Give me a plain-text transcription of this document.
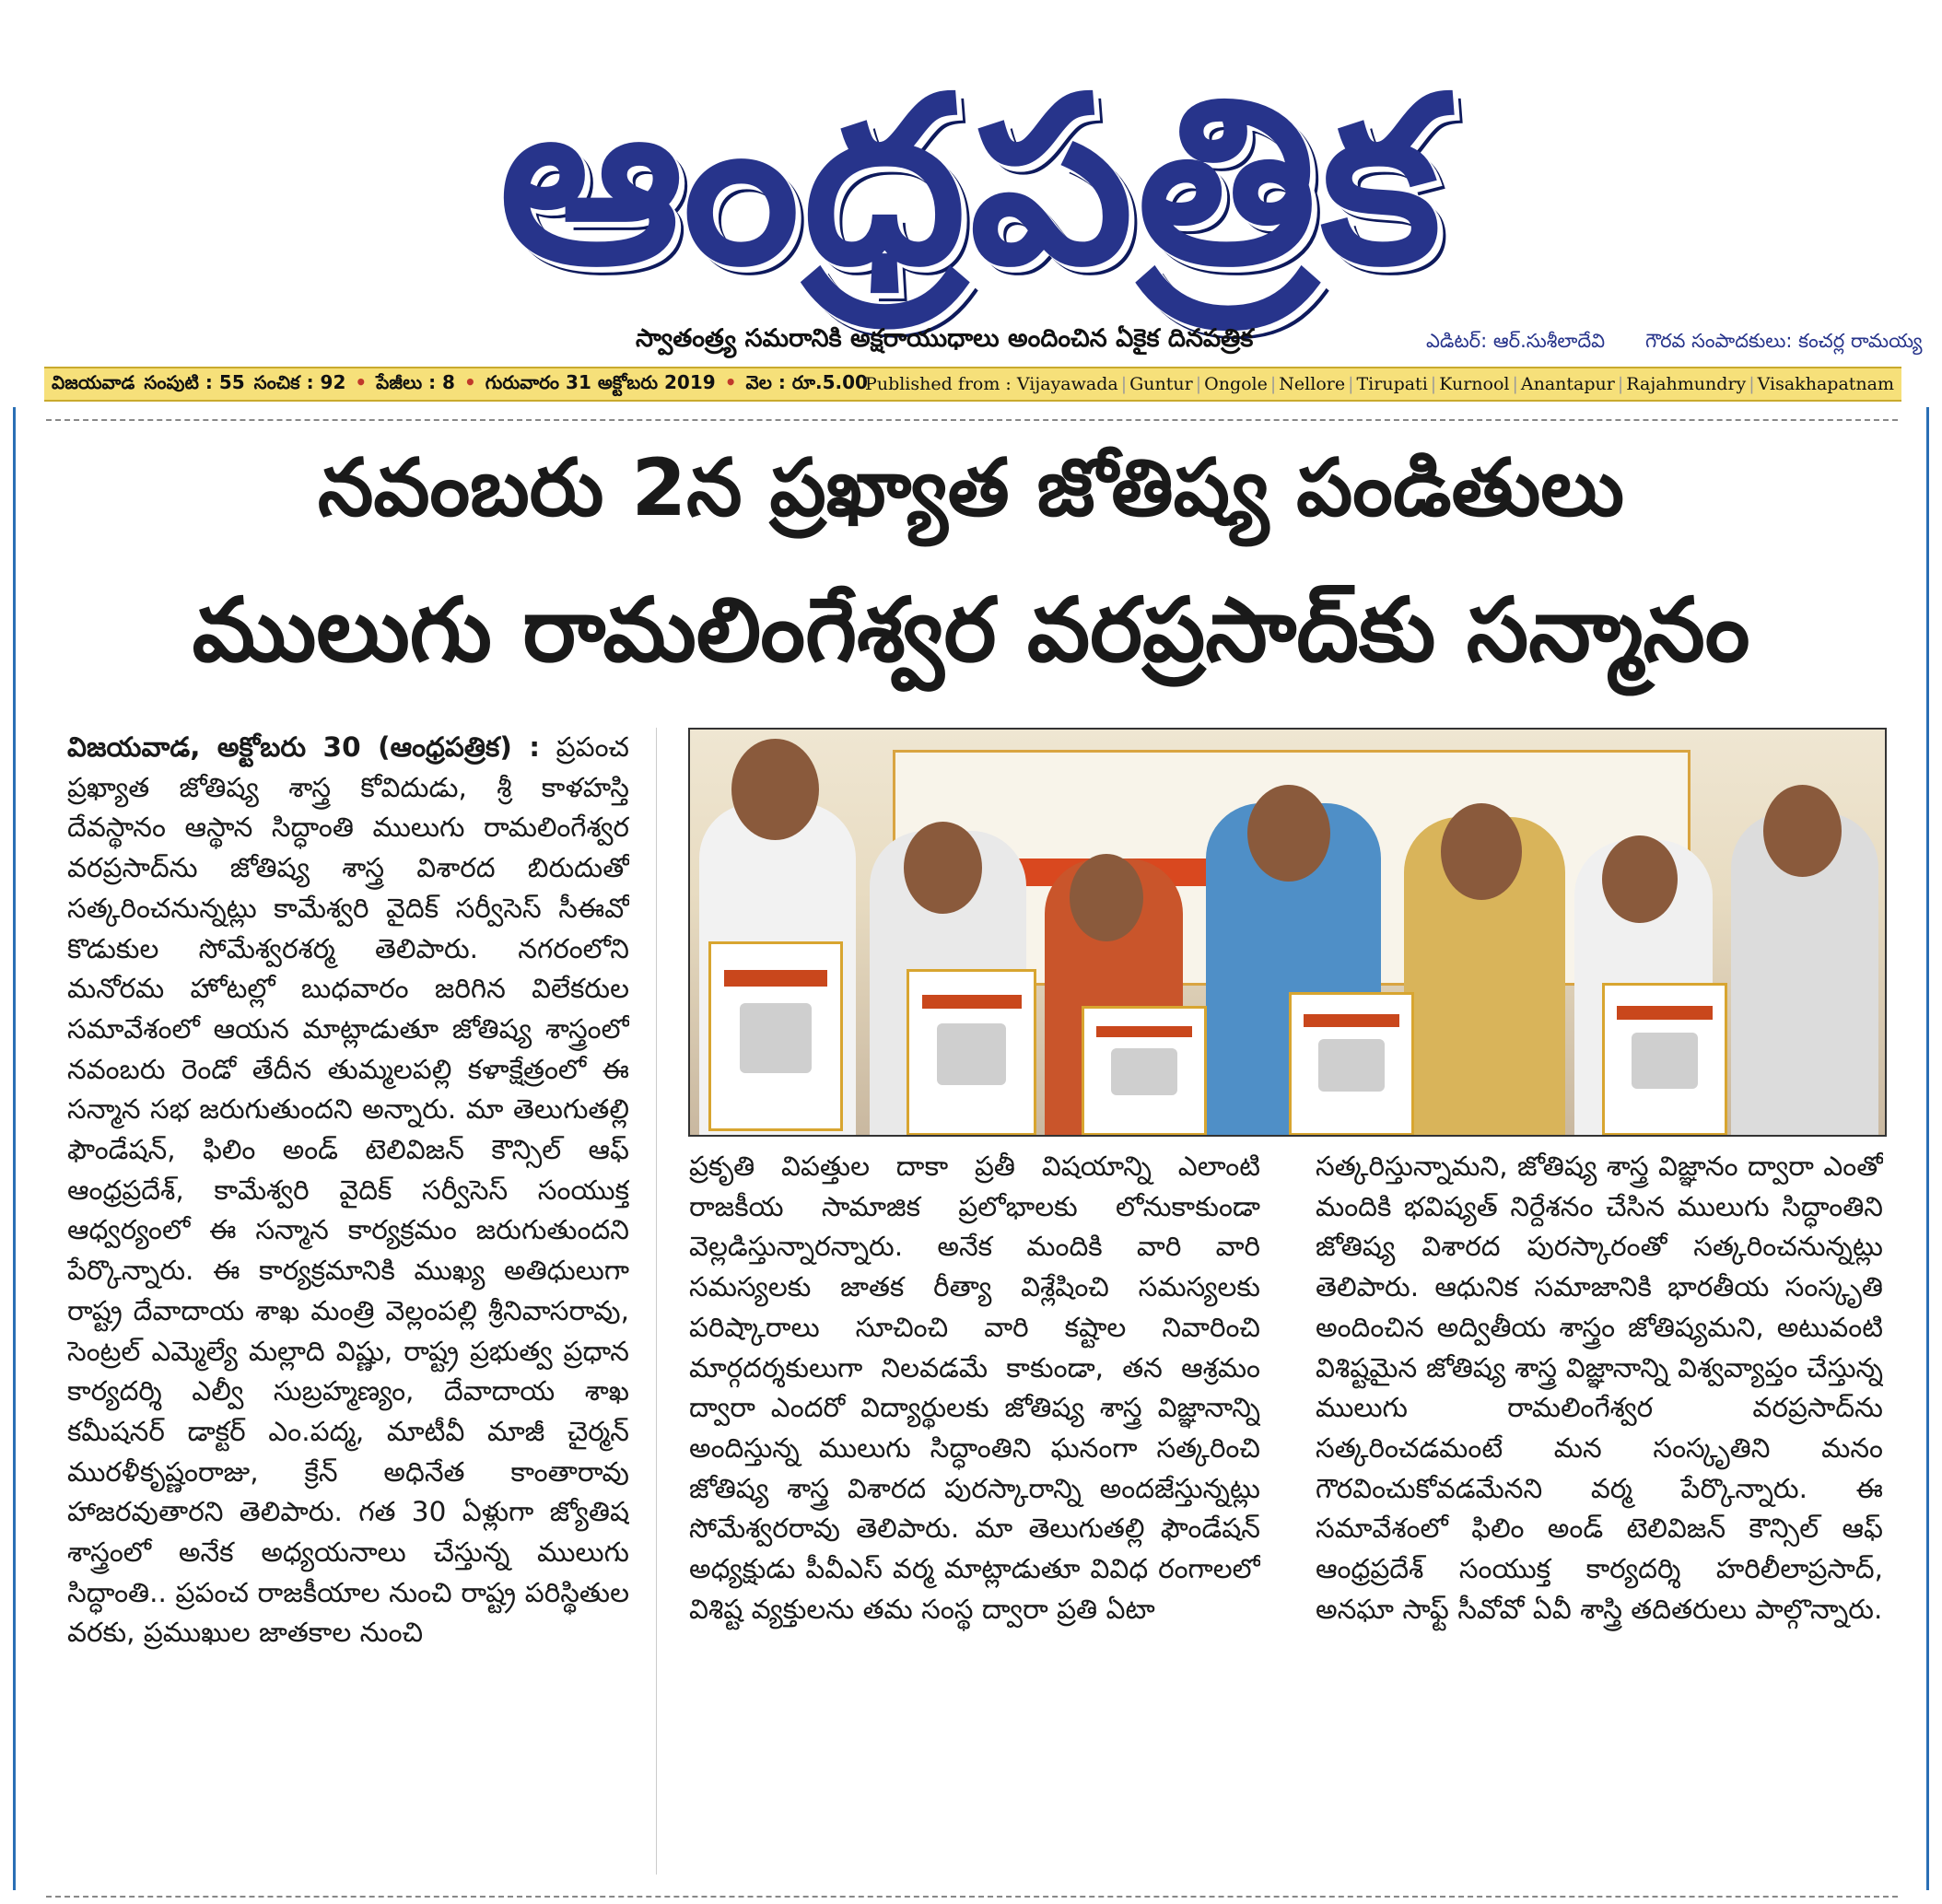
ఆంధ్రపత్రిక
స్వాతంత్ర్య సమరానికి అక్షరాయుధాలు అందించిన ఏకైక దినపత్రిక	ఎడిటర్: ఆర్.సుశీలాదేవి గౌరవ సంపాదకులు: కంచర్ల రామయ్య
విజయవాడ సంపుటి : 55 సంచిక : 92 • పేజీలు : 8 • గురువారం 31 అక్టోబరు 2019 • వెల : రూ.5.00
Published from : Vijayawada | Guntur | Ongole | Nellore | Tirupati | Kurnool | Anantapur | Rajahmundry | Visakhapatnam
నవంబరు 2న ప్రఖ్యాత జోతిష్య పండితులు
ములుగు రామలింగేశ్వర వరప్రసాద్‌కు సన్మానం

విజయవాడ, అక్టోబరు 30 (ఆంధ్రపత్రిక) : ప్రపంచ ప్రఖ్యాత జోతిష్య శాస్త్ర కోవిదుడు, శ్రీ కాళహస్తి దేవస్థానం ఆస్థాన సిద్ధాంతి ములుగు రామలింగేశ్వర వరప్రసాద్‌ను జోతిష్య శాస్త్ర విశారద బిరుదుతో సత్కరించనున్నట్లు కామేశ్వరి వైదిక్ సర్వీసెస్ సీఈవో కొడుకుల సోమేశ్వరశర్మ తెలిపారు. నగరంలోని మనోరమ హోటల్లో బుధవారం జరిగిన విలేకరుల సమావేశంలో ఆయన మాట్లాడుతూ జోతిష్య శాస్త్రంలో నవంబరు రెండో తేదీన తుమ్మలపల్లి కళాక్షేత్రంలో ఈ సన్మాన సభ జరుగుతుందని అన్నారు. మా తెలుగుతల్లి ఫౌండేషన్, ఫిలిం అండ్ టెలివిజన్ కౌన్సిల్ ఆఫ్ ఆంధ్రప్రదేశ్, కామేశ్వరి వైదిక్ సర్వీసెస్ సంయుక్త ఆధ్వర్యంలో ఈ సన్మాన కార్యక్రమం జరుగుతుందని పేర్కొన్నారు. ఈ కార్యక్రమానికి ముఖ్య అతిధులుగా రాష్ట్ర దేవాదాయ శాఖ మంత్రి వెల్లంపల్లి శ్రీనివాసరావు, సెంట్రల్ ఎమ్మెల్యే మల్లాది విష్ణు, రాష్ట్ర ప్రభుత్వ ప్రధాన కార్యదర్శి ఎల్వీ సుబ్రహ్మణ్యం, దేవాదాయ శాఖ కమీషనర్ డాక్టర్ ఎం.పద్మ, మాటీవీ మాజీ చైర్మన్ మురళీకృష్ణంరాజు, క్రేన్ అధినేత కాంతారావు హాజరవుతారని తెలిపారు. గత 30 ఏళ్లుగా జ్యోతిష శాస్త్రంలో అనేక అధ్యయనాలు చేస్తున్న ములుగు సిద్ధాంతి.. ప్రపంచ రాజకీయాల నుంచి రాష్ట్ర పరిస్థితుల వరకు, ప్రముఖుల జాతకాల నుంచి

ప్రకృతి విపత్తుల దాకా ప్రతీ విషయాన్ని ఎలాంటి రాజకీయ సామాజిక ప్రలోభాలకు లోనుకాకుండా వెల్లడిస్తున్నారన్నారు. అనేక మందికి వారి వారి సమస్యలకు జాతక రీత్యా విశ్లేషించి సమస్యలకు పరిష్కారాలు సూచించి వారి కష్టాల నివారించి మార్గదర్శకులుగా నిలవడమే కాకుండా, తన ఆశ్రమం ద్వారా ఎందరో విద్యార్థులకు జోతిష్య శాస్త్ర విజ్ఞానాన్ని అందిస్తున్న ములుగు సిద్ధాంతిని ఘనంగా సత్కరించి జోతిష్య శాస్త్ర విశారద పురస్కారాన్ని అందజేస్తున్నట్లు సోమేశ్వరరావు తెలిపారు. మా తెలుగుతల్లి ఫౌండేషన్ అధ్యక్షుడు పీవీఎస్ వర్మ మాట్లాడుతూ వివిధ రంగాలలో విశిష్ట వ్యక్తులను తమ సంస్థ ద్వారా ప్రతి ఏటా

సత్కరిస్తున్నామని, జోతిష్య శాస్త్ర విజ్ఞానం ద్వారా ఎంతో మందికి భవిష్యత్ నిర్దేశనం చేసిన ములుగు సిద్ధాంతిని జోతిష్య విశారద పురస్కారంతో సత్కరించనున్నట్లు తెలిపారు. ఆధునిక సమాజానికి భారతీయ సంస్కృతి అందించిన అద్వితీయ శాస్త్రం జోతిష్యమని, అటువంటి విశిష్టమైన జోతిష్య శాస్త్ర విజ్ఞానాన్ని విశ్వవ్యాప్తం చేస్తున్న ములుగు రామలింగేశ్వర వరప్రసాద్‌ను సత్కరించడమంటే మన సంస్కృతిని మనం గౌరవించుకోవడమేనని వర్మ పేర్కొన్నారు. ఈ సమావేశంలో ఫిలిం అండ్ టెలివిజన్ కౌన్సిల్ ఆఫ్ ఆంధ్రప్రదేశ్ సంయుక్త కార్యదర్శి హరిలీలాప్రసాద్, అనఘా సాఫ్ట్ సీవోవో ఏవీ శాస్త్రి తదితరులు పాల్గొన్నారు.
